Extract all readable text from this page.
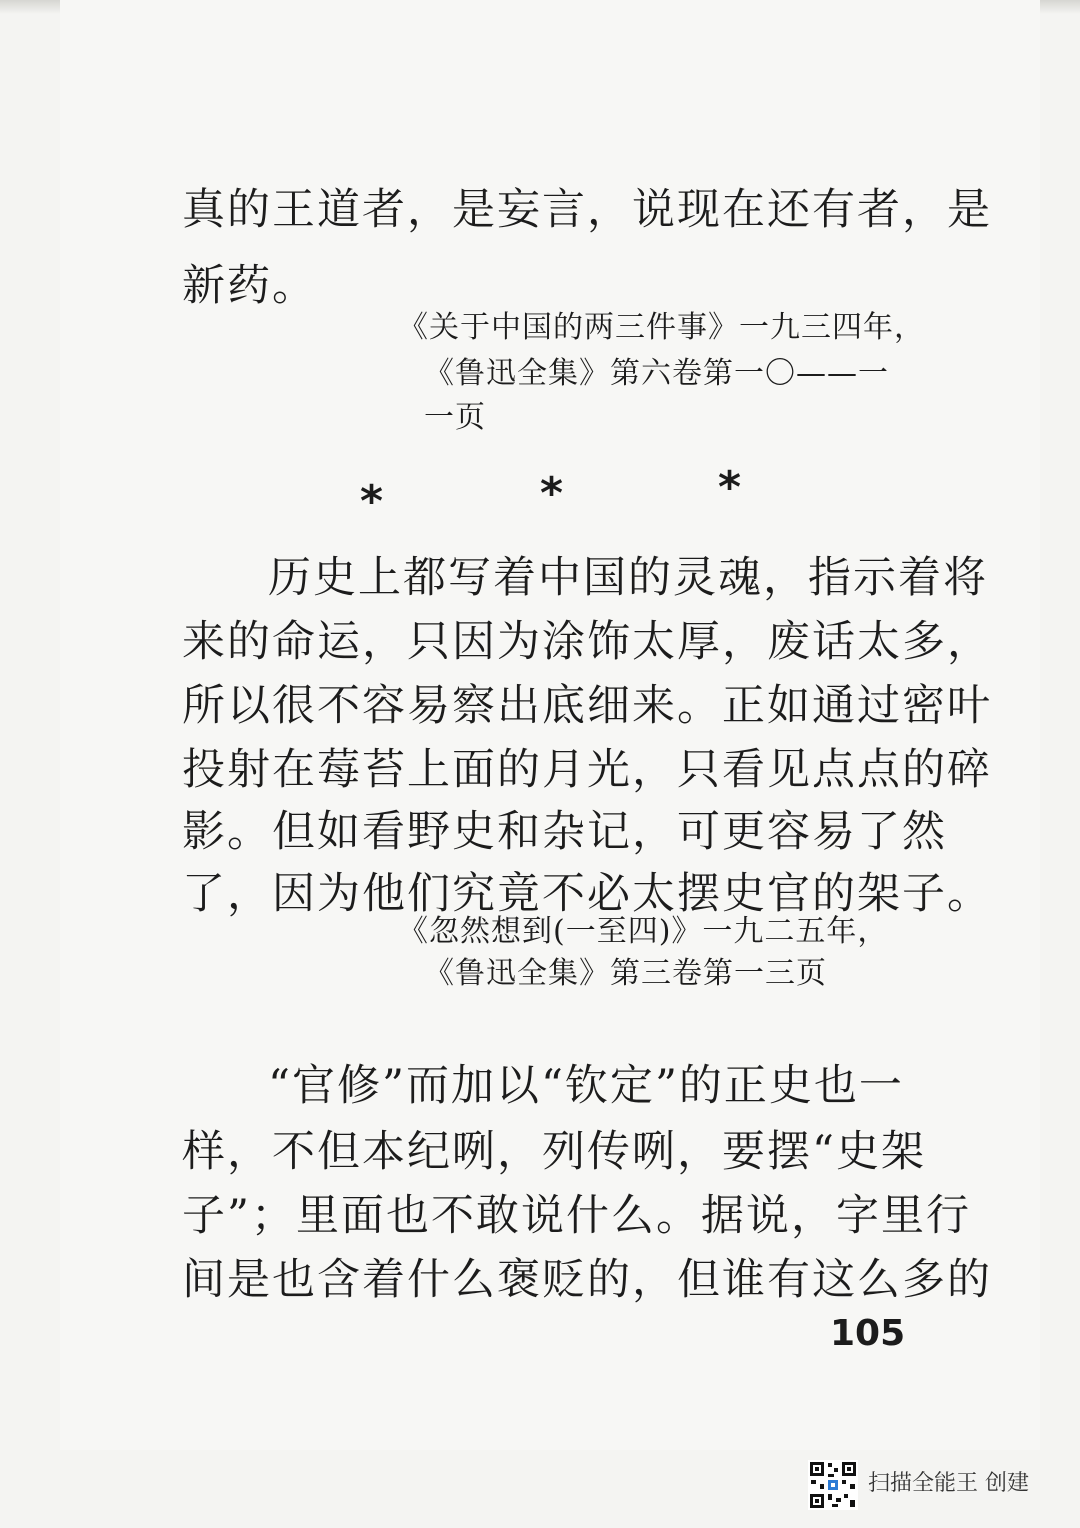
真的王道者，是妄言，说现在还有者，是
新药。
《关于中国的两三件事》一九三四年，
《鲁迅全集》第六卷第一〇——一
一页
*	*	*
历史上都写着中国的灵魂，指示着将
来的命运，只因为涂饰太厚，废话太多，
所以很不容易察出底细来。正如通过密叶
投射在莓苔上面的月光，只看见点点的碎
影。但如看野史和杂记，可更容易了然
了，因为他们究竟不必太摆史官的架子。
《忽然想到(一至四)》一九二五年，
《鲁迅全集》第三卷第一三页
“官修”而加以“钦定”的正史也一
样，不但本纪咧，列传咧，要摆“史架
子”；里面也不敢说什么。据说，字里行
间是也含着什么褒贬的，但谁有这么多的
105
扫描全能王 创建
